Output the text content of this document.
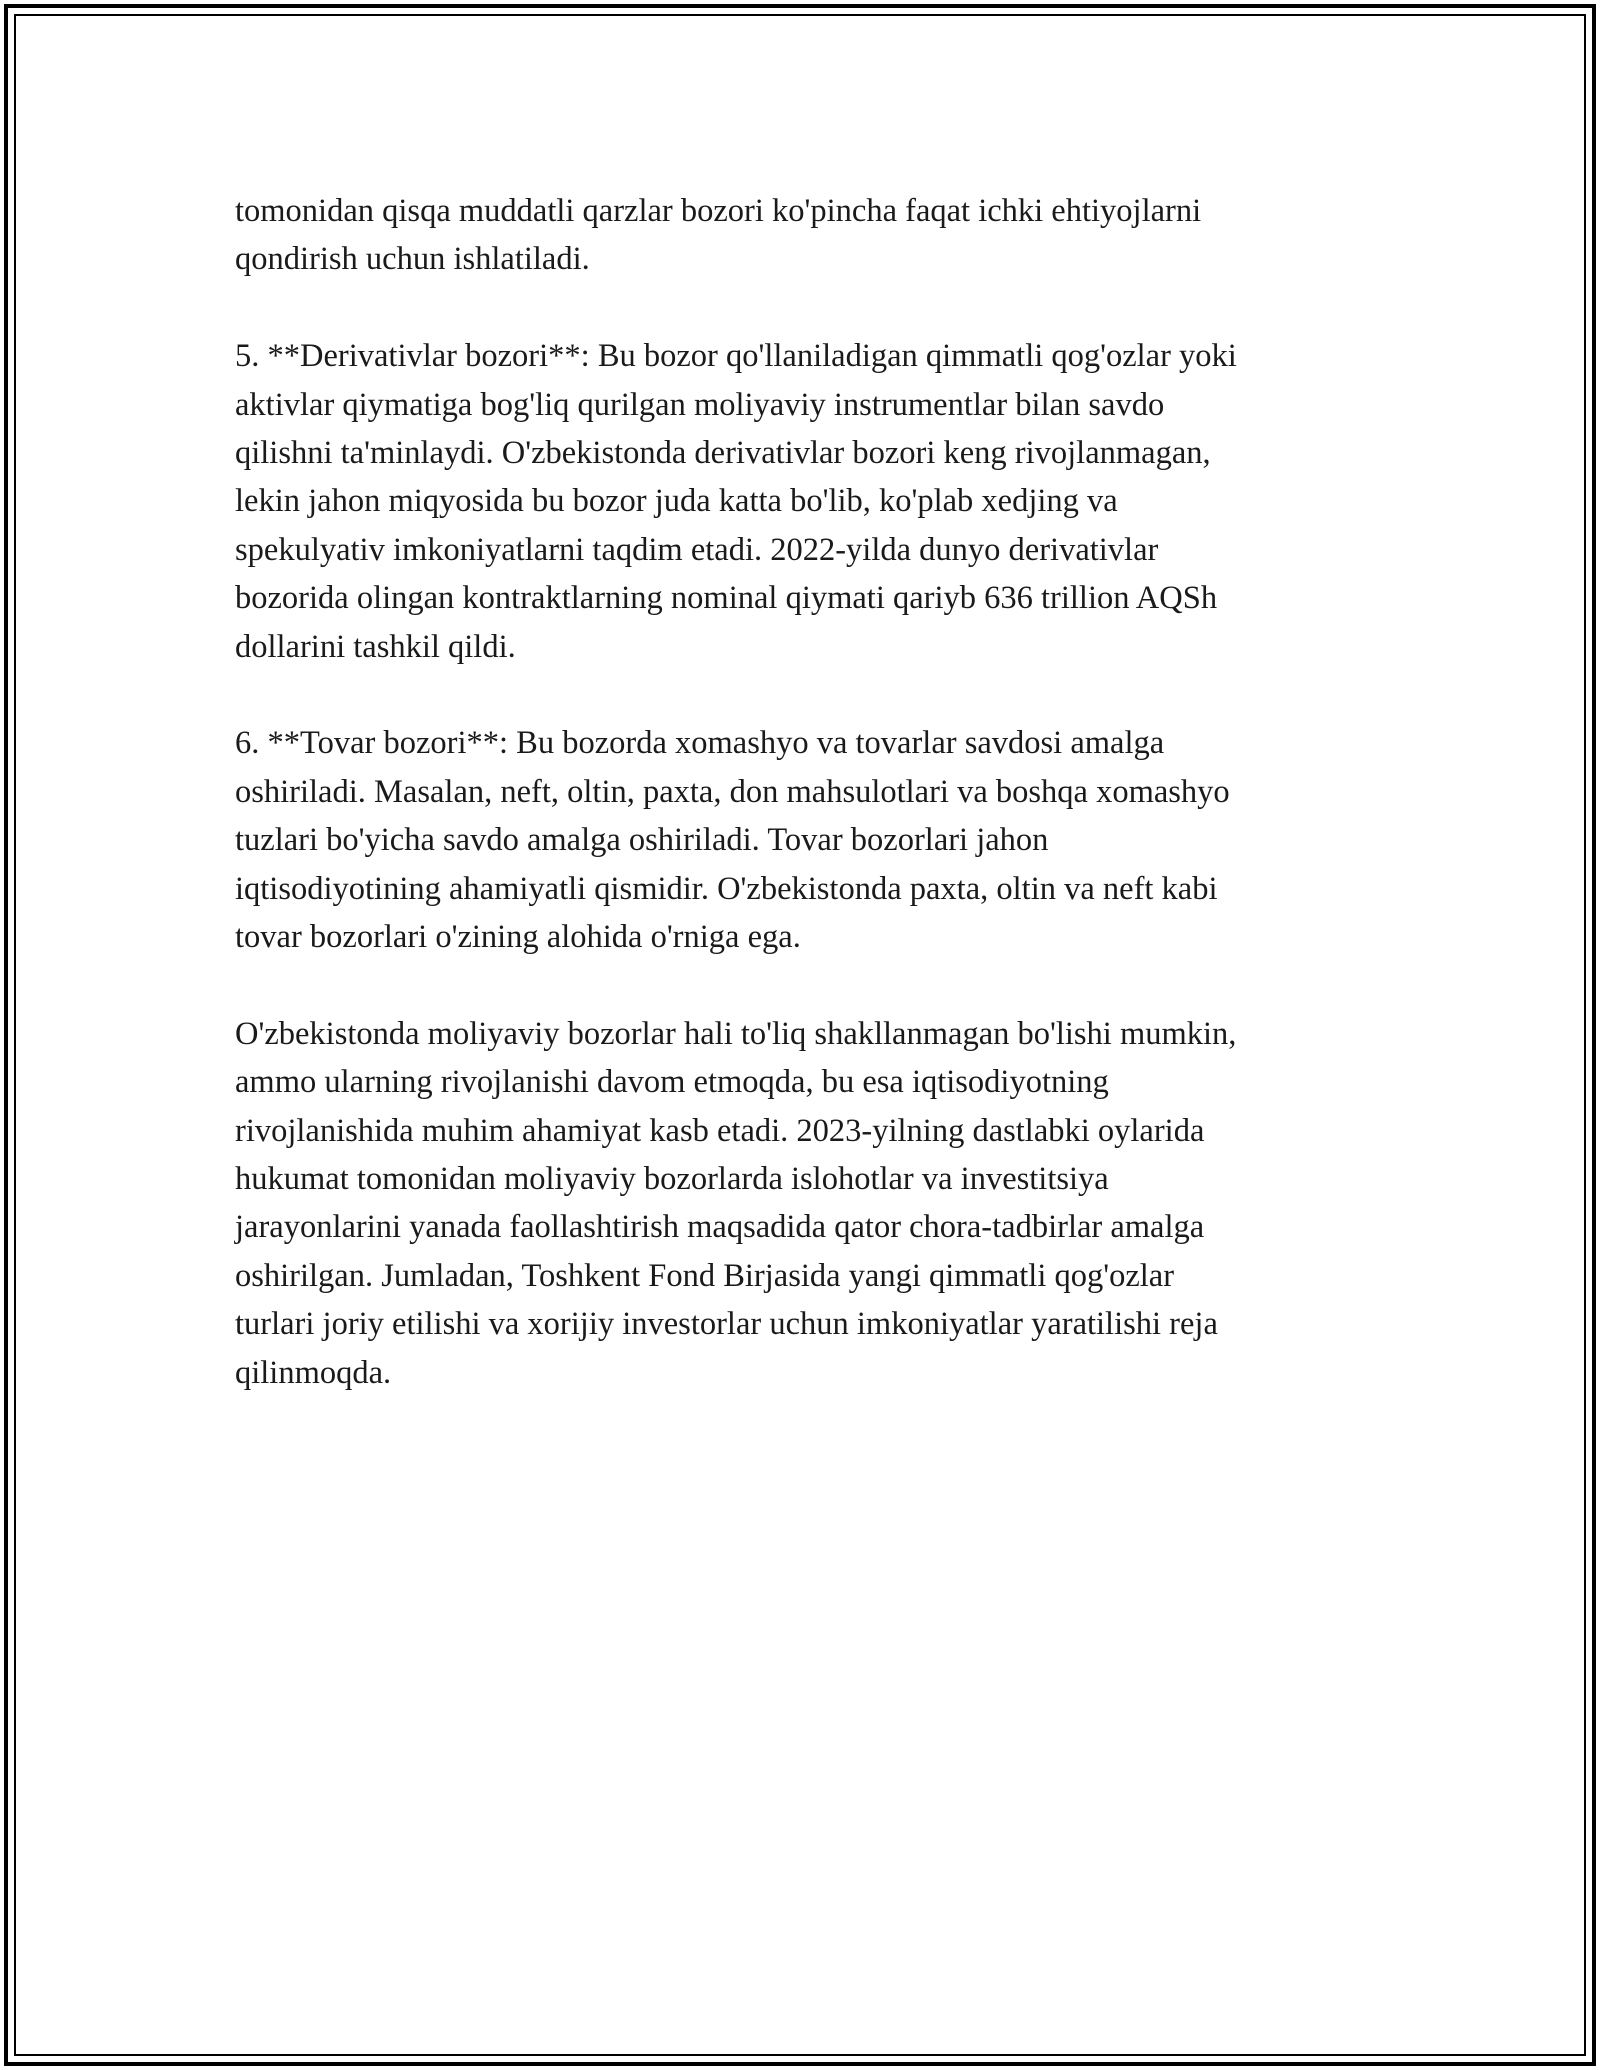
tomonidan qisqa muddatli qarzlar bozori ko'pincha faqat ichki ehtiyojlarni
qondirish uchun ishlatiladi.

5. **Derivativlar bozori**: Bu bozor qo'llaniladigan qimmatli qog'ozlar yoki
aktivlar qiymatiga bog'liq qurilgan moliyaviy instrumentlar bilan savdo
qilishni ta'minlaydi. O'zbekistonda derivativlar bozori keng rivojlanmagan,
lekin jahon miqyosida bu bozor juda katta bo'lib, ko'plab xedjing va
spekulyativ imkoniyatlarni taqdim etadi. 2022-yilda dunyo derivativlar
bozorida olingan kontraktlarning nominal qiymati qariyb 636 trillion AQSh
dollarini tashkil qildi.

6. **Tovar bozori**: Bu bozorda xomashyo va tovarlar savdosi amalga
oshiriladi. Masalan, neft, oltin, paxta, don mahsulotlari va boshqa xomashyo
tuzlari bo'yicha savdo amalga oshiriladi. Tovar bozorlari jahon
iqtisodiyotining ahamiyatli qismidir. O'zbekistonda paxta, oltin va neft kabi
tovar bozorlari o'zining alohida o'rniga ega.

O'zbekistonda moliyaviy bozorlar hali to'liq shakllanmagan bo'lishi mumkin,
ammo ularning rivojlanishi davom etmoqda, bu esa iqtisodiyotning
rivojlanishida muhim ahamiyat kasb etadi. 2023-yilning dastlabki oylarida
hukumat tomonidan moliyaviy bozorlarda islohotlar va investitsiya
jarayonlarini yanada faollashtirish maqsadida qator chora-tadbirlar amalga
oshirilgan. Jumladan, Toshkent Fond Birjasida yangi qimmatli qog'ozlar
turlari joriy etilishi va xorijiy investorlar uchun imkoniyatlar yaratilishi reja
qilinmoqda.
